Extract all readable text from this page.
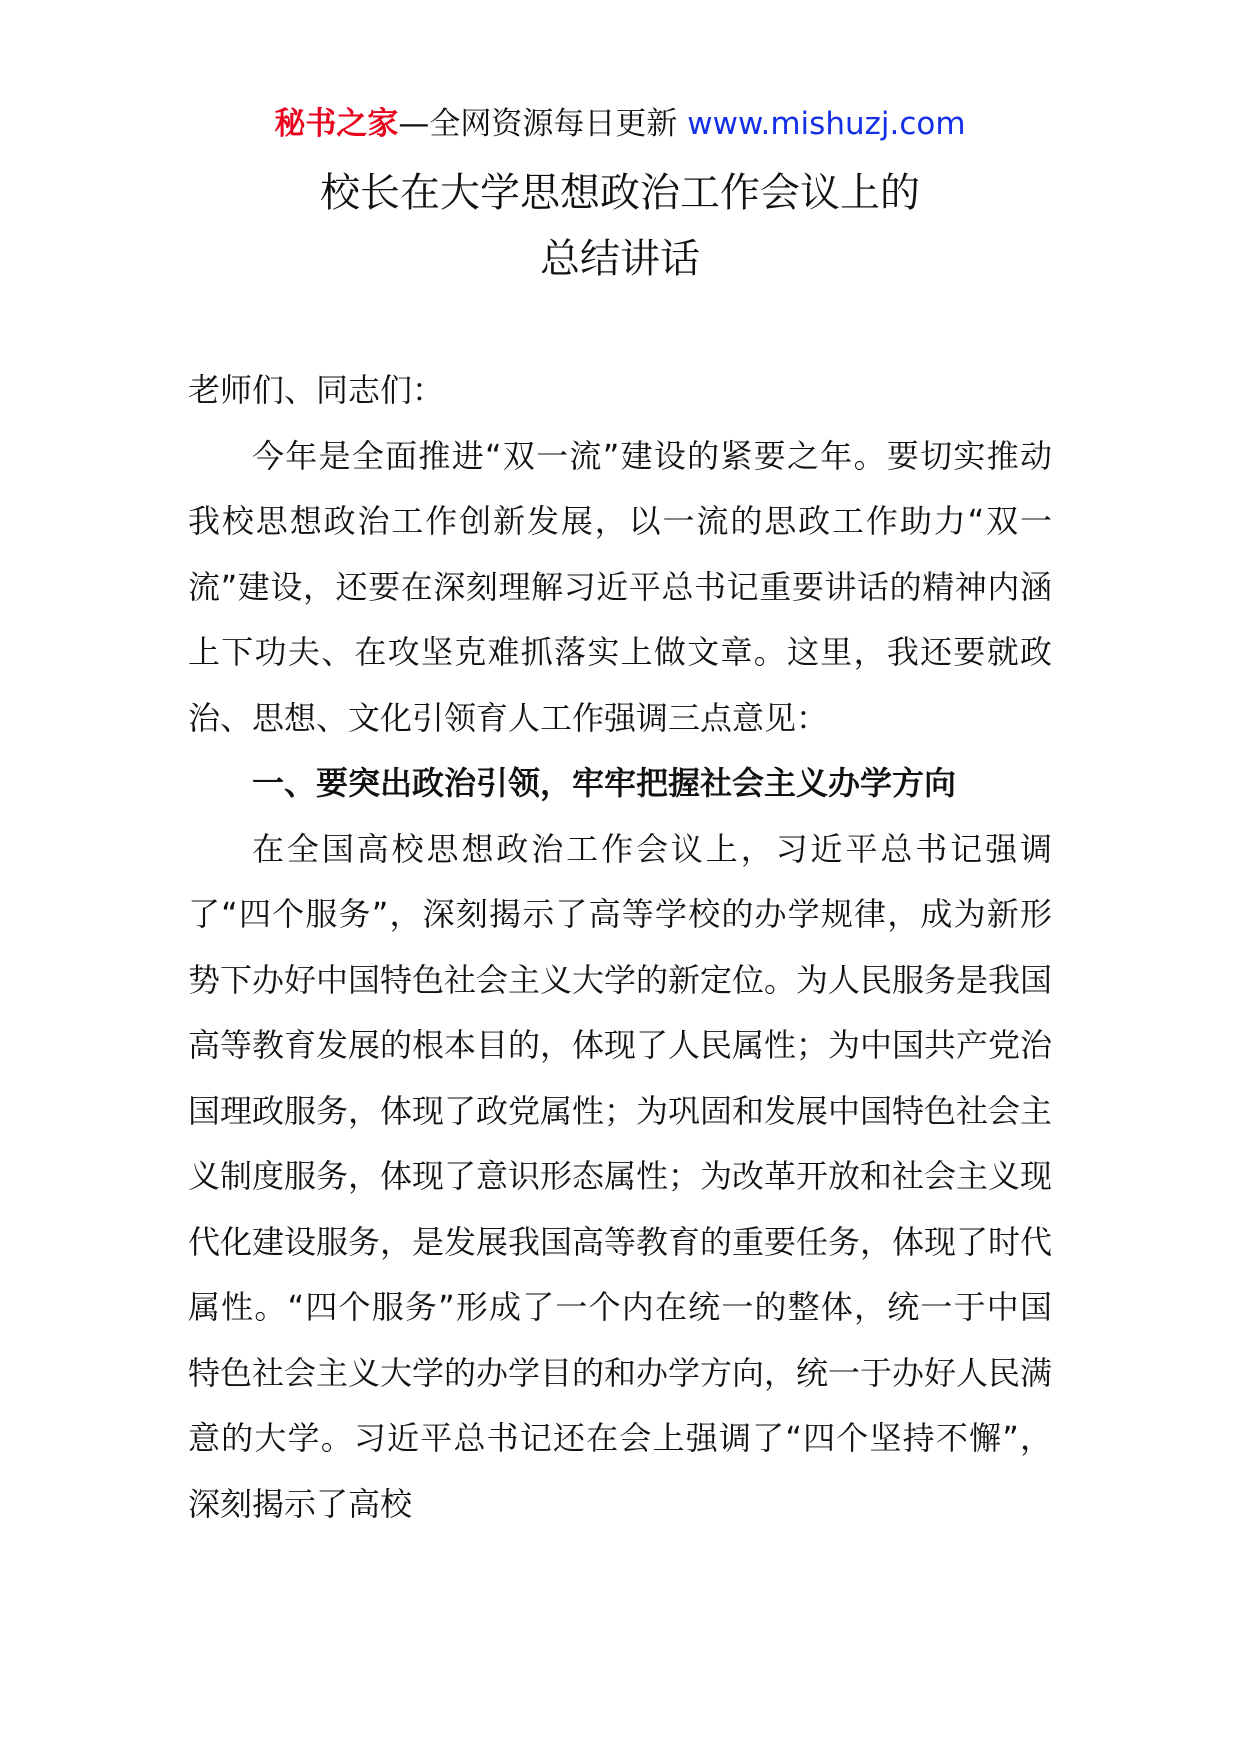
秘书之家—全网资源每日更新 www.mishuzj.com
校长在大学思想政治工作会议上的
总结讲话

老师们、同志们：

今年是全面推进“双一流”建设的紧要之年。要切实推动我校思想政治工作创新发展，以一流的思政工作助力“双一流”建设，还要在深刻理解习近平总书记重要讲话的精神内涵上下功夫、在攻坚克难抓落实上做文章。这里，我还要就政治、思想、文化引领育人工作强调三点意见：

一、要突出政治引领，牢牢把握社会主义办学方向

在全国高校思想政治工作会议上，习近平总书记强调了“四个服务”，深刻揭示了高等学校的办学规律，成为新形势下办好中国特色社会主义大学的新定位。为人民服务是我国高等教育发展的根本目的，体现了人民属性；为中国共产党治国理政服务，体现了政党属性；为巩固和发展中国特色社会主义制度服务，体现了意识形态属性；为改革开放和社会主义现代化建设服务，是发展我国高等教育的重要任务，体现了时代属性。“四个服务”形成了一个内在统一的整体，统一于中国特色社会主义大学的办学目的和办学方向，统一于办好人民满意的大学。习近平总书记还在会上强调了“四个坚持不懈”，深刻揭示了高校
